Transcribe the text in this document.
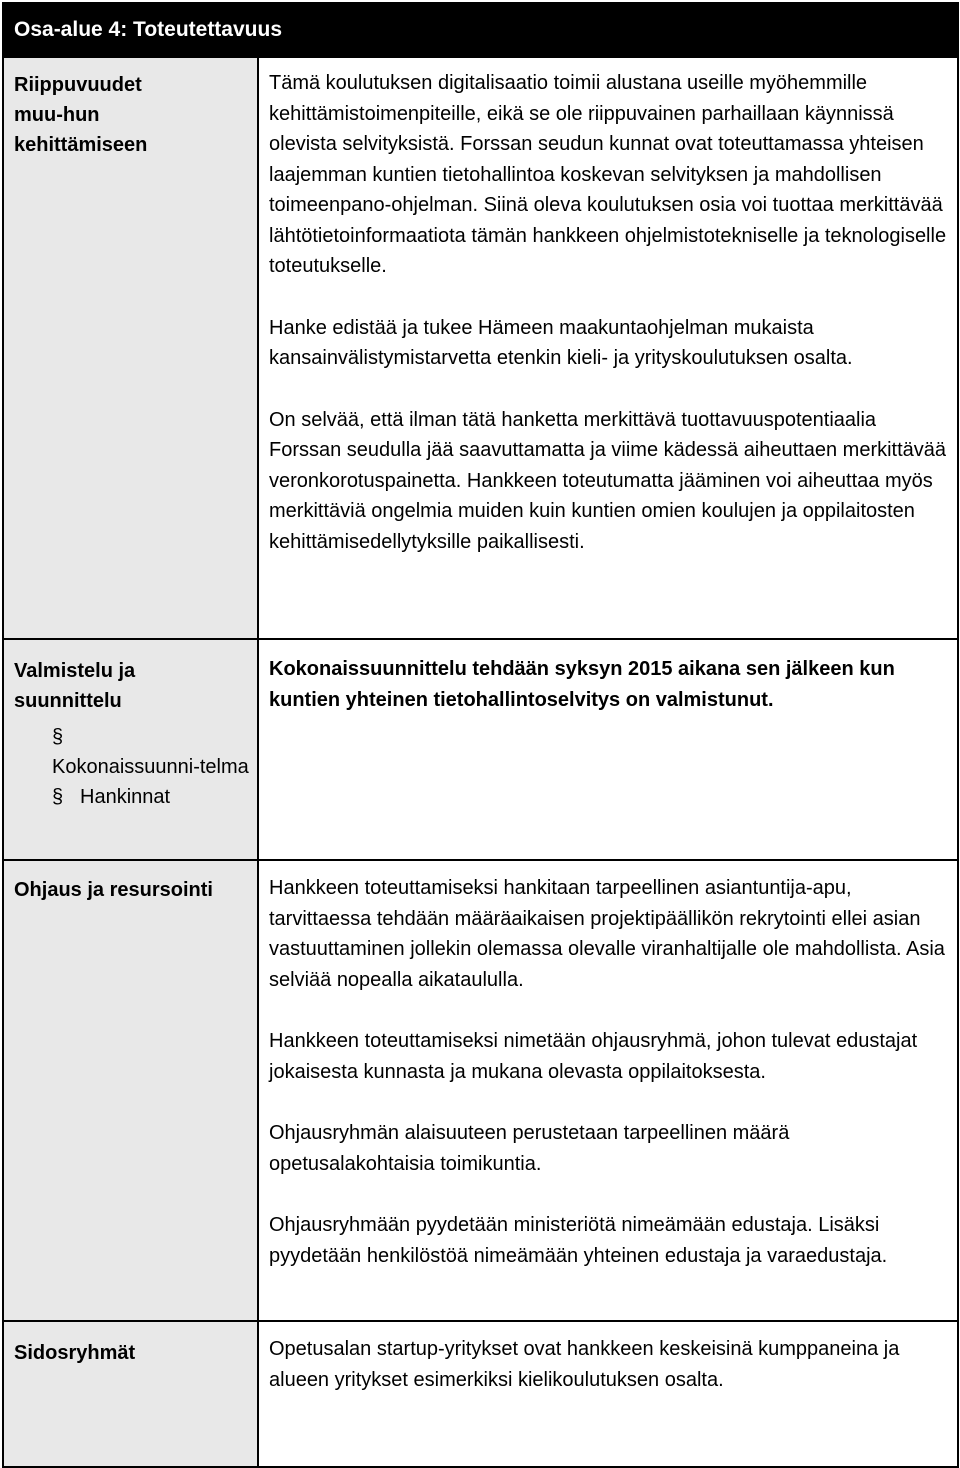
Osa-alue 4: Toteutettavuus	

Riippuvuudet muu-hun kehittämiseen	Tämä koulutuksen digitalisaatio toimii alustana useille myöhemmille kehittämistoimenpiteille, eikä se ole riippuvainen parhaillaan käynnissä olevista selvityksistä. Forssan seudun kunnat ovat toteuttamassa yhteisen laajemman kuntien tietohallintoa koskevan selvityksen ja mahdollisen toimeenpano-ohjelman. Siinä oleva koulutuksen osia voi tuottaa merkittävää lähtötietoinformaatiota tämän hankkeen ohjelmistotekniselle ja teknologiselle toteutukselle.

Hanke edistää ja tukee Hämeen maakuntaohjelman mukaista kansainvälistymistarvetta etenkin kieli- ja yrityskoulutuksen osalta.

On selvää, että ilman tätä hanketta merkittävä tuottavuuspotentiaalia Forssan seudulla jää saavuttamatta ja viime kädessä aiheuttaen merkittävää veronkorotuspainetta. Hankkeen toteutumatta jääminen voi aiheuttaa myös merkittäviä ongelmia muiden kuin kuntien omien koulujen ja oppilaitosten kehittämisedellytyksille paikallisesti.

Valmistelu ja suunnittelu
§
Kokonaissuunni-telma
§ Hankinnat	Kokonaissuunnittelu tehdään syksyn 2015 aikana sen jälkeen kun kuntien yhteinen tietohallintoselvitys on valmistunut.

Ohjaus ja resursointi	Hankkeen toteuttamiseksi hankitaan tarpeellinen asiantuntija-apu, tarvittaessa tehdään määräaikaisen projektipäällikön rekrytointi ellei asian vastuuttaminen jollekin olemassa olevalle viranhaltijalle ole mahdollista. Asia selviää nopealla aikataululla.

Hankkeen toteuttamiseksi nimetään ohjausryhmä, johon tulevat edustajat jokaisesta kunnasta ja mukana olevasta oppilaitoksesta.

Ohjausryhmän alaisuuteen perustetaan tarpeellinen määrä opetusalakohtaisia toimikuntia.

Ohjausryhmään pyydetään ministeriötä nimeämään edustaja. Lisäksi pyydetään henkilöstöä nimeämään yhteinen edustaja ja varaedustaja.

Sidosryhmät	Opetusalan startup-yritykset ovat hankkeen keskeisinä kumppaneina ja alueen yritykset esimerkiksi kielikoulutuksen osalta.
